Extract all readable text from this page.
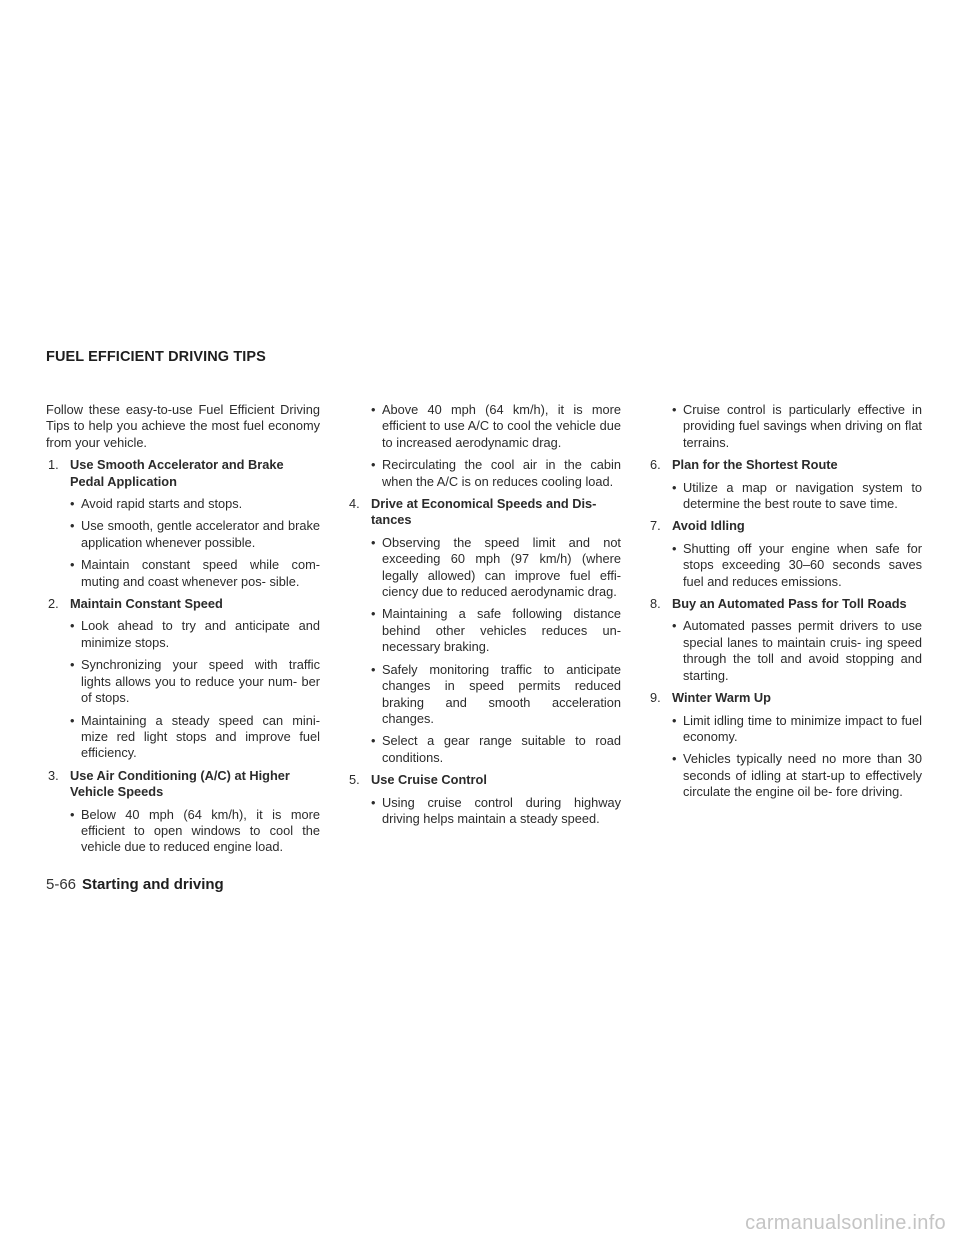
FUEL EFFICIENT DRIVING TIPS

Follow these easy-to-use Fuel Efficient Driving Tips to help you achieve the most fuel economy from your vehicle.

1. Use Smooth Accelerator and Brake Pedal Application
• Avoid rapid starts and stops.
• Use smooth, gentle accelerator and brake application whenever possible.
• Maintain constant speed while com- muting and coast whenever pos- sible.
2. Maintain Constant Speed
• Look ahead to try and anticipate and minimize stops.
• Synchronizing your speed with traffic lights allows you to reduce your num- ber of stops.
• Maintaining a steady speed can mini- mize red light stops and improve fuel efficiency.
3. Use Air Conditioning (A/C) at Higher Vehicle Speeds
• Below 40 mph (64 km/h), it is more efficient to open windows to cool the vehicle due to reduced engine load.
• Above 40 mph (64 km/h), it is more efficient to use A/C to cool the vehicle due to increased aerodynamic drag.
• Recirculating the cool air in the cabin when the A/C is on reduces cooling load.
4. Drive at Economical Speeds and Dis- tances
• Observing the speed limit and not exceeding 60 mph (97 km/h) (where legally allowed) can improve fuel effi- ciency due to reduced aerodynamic drag.
• Maintaining a safe following distance behind other vehicles reduces un- necessary braking.
• Safely monitoring traffic to anticipate changes in speed permits reduced braking and smooth acceleration changes.
• Select a gear range suitable to road conditions.
5. Use Cruise Control
• Using cruise control during highway driving helps maintain a steady speed.
• Cruise control is particularly effective in providing fuel savings when driving on flat terrains.
6. Plan for the Shortest Route
• Utilize a map or navigation system to determine the best route to save time.
7. Avoid Idling
• Shutting off your engine when safe for stops exceeding 30–60 seconds saves fuel and reduces emissions.
8. Buy an Automated Pass for Toll Roads
• Automated passes permit drivers to use special lanes to maintain cruis- ing speed through the toll and avoid stopping and starting.
9. Winter Warm Up
• Limit idling time to minimize impact to fuel economy.
• Vehicles typically need no more than 30 seconds of idling at start-up to effectively circulate the engine oil be- fore driving.
5-66 Starting and driving
carmanualsonline.info
